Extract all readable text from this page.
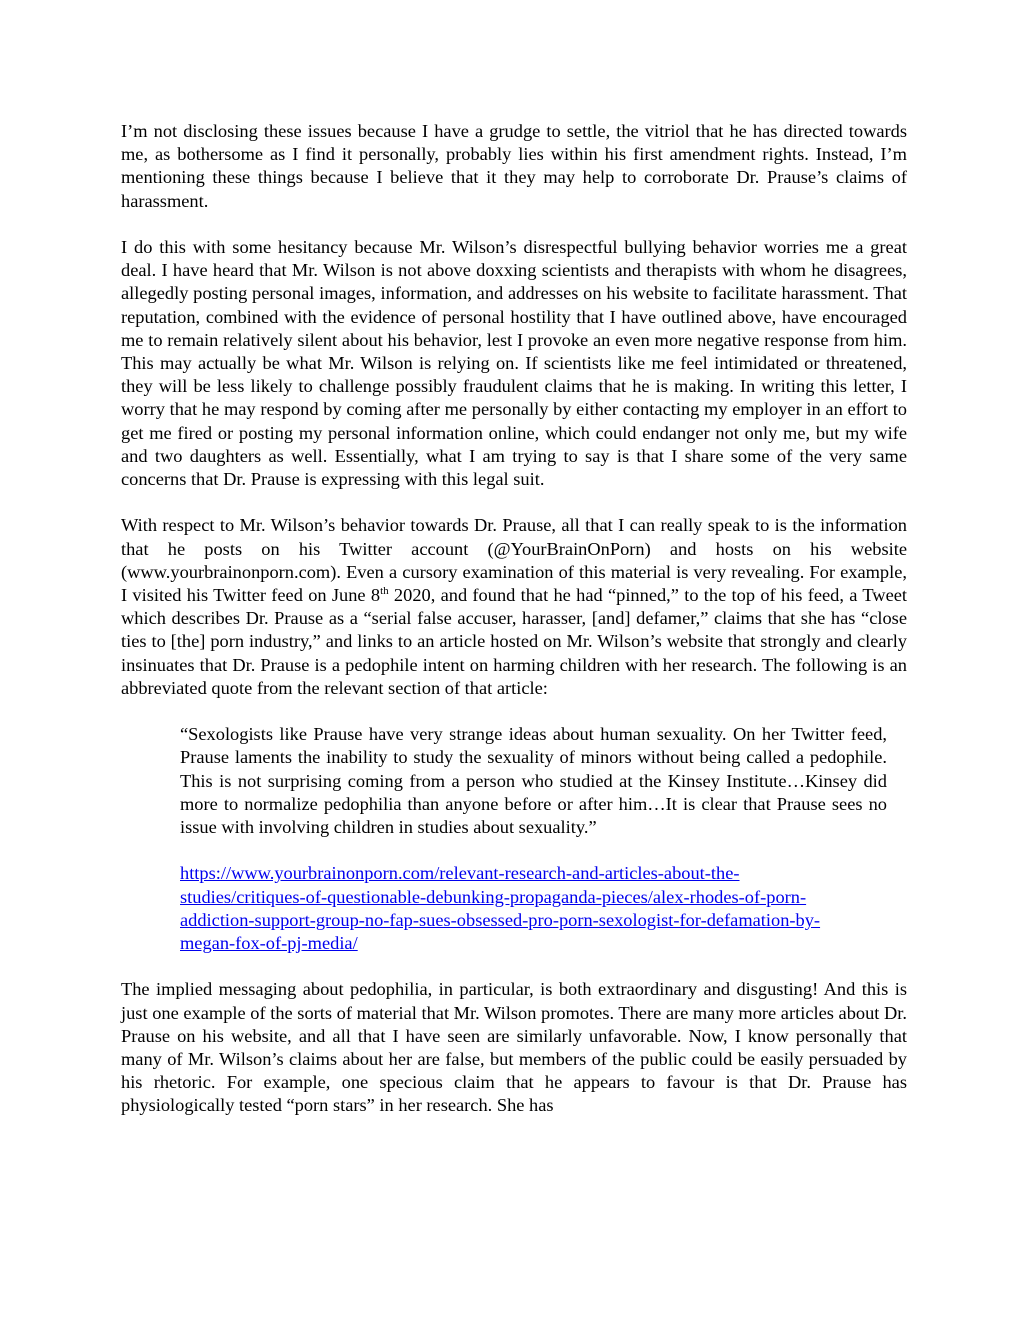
I’m not disclosing these issues because I have a grudge to settle, the vitriol that he has directed towards me, as bothersome as I find it personally, probably lies within his first amendment rights. Instead, I’m mentioning these things because I believe that it they may help to corroborate Dr. Prause’s claims of harassment.

I do this with some hesitancy because Mr. Wilson’s disrespectful bullying behavior worries me a great deal. I have heard that Mr. Wilson is not above doxxing scientists and therapists with whom he disagrees, allegedly posting personal images, information, and addresses on his website to facilitate harassment. That reputation, combined with the evidence of personal hostility that I have outlined above, have encouraged me to remain relatively silent about his behavior, lest I provoke an even more negative response from him. This may actually be what Mr. Wilson is relying on. If scientists like me feel intimidated or threatened, they will be less likely to challenge possibly fraudulent claims that he is making. In writing this letter, I worry that he may respond by coming after me personally by either contacting my employer in an effort to get me fired or posting my personal information online, which could endanger not only me, but my wife and two daughters as well. Essentially, what I am trying to say is that I share some of the very same concerns that Dr. Prause is expressing with this legal suit.

With respect to Mr. Wilson’s behavior towards Dr. Prause, all that I can really speak to is the information that he posts on his Twitter account (@YourBrainOnPorn) and hosts on his website (www.yourbrainonporn.com). Even a cursory examination of this material is very revealing. For example, I visited his Twitter feed on June 8th 2020, and found that he had “pinned,” to the top of his feed, a Tweet which describes Dr. Prause as a “serial false accuser, harasser, [and] defamer,” claims that she has “close ties to [the] porn industry,” and links to an article hosted on Mr. Wilson’s website that strongly and clearly insinuates that Dr. Prause is a pedophile intent on harming children with her research. The following is an abbreviated quote from the relevant section of that article:

“Sexologists like Prause have very strange ideas about human sexuality. On her Twitter feed, Prause laments the inability to study the sexuality of minors without being called a pedophile. This is not surprising coming from a person who studied at the Kinsey Institute…Kinsey did more to normalize pedophilia than anyone before or after him…It is clear that Prause sees no issue with involving children in studies about sexuality.”

https://www.yourbrainonporn.com/relevant-research-and-articles-about-the-
studies/critiques-of-questionable-debunking-propaganda-pieces/alex-rhodes-of-porn-
addiction-support-group-no-fap-sues-obsessed-pro-porn-sexologist-for-defamation-by-
megan-fox-of-pj-media/

The implied messaging about pedophilia, in particular, is both extraordinary and disgusting! And this is just one example of the sorts of material that Mr. Wilson promotes. There are many more articles about Dr. Prause on his website, and all that I have seen are similarly unfavorable. Now, I know personally that many of Mr. Wilson’s claims about her are false, but members of the public could be easily persuaded by his rhetoric. For example, one specious claim that he appears to favour is that Dr. Prause has physiologically tested “porn stars” in her research. She has
